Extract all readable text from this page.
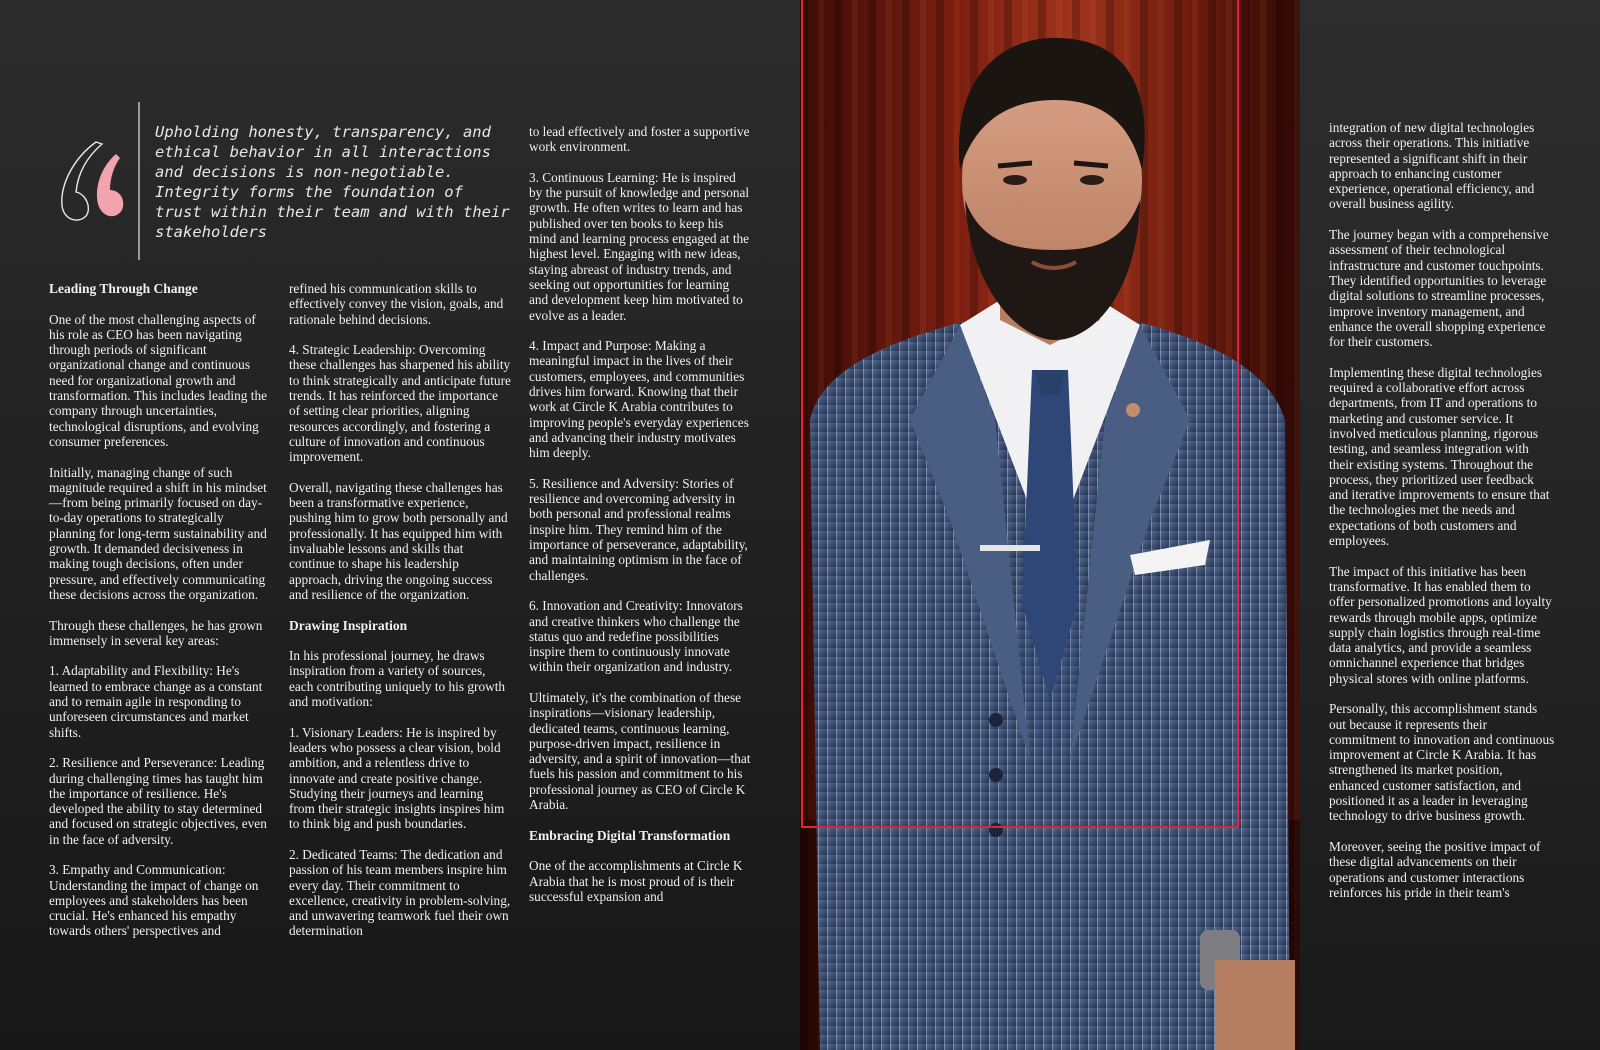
Upholding honesty, transparency, and ethical behavior in all interactions and decisions is non-negotiable. Integrity forms the foundation of trust within their team and with their stakeholders

Leading Through Change

One of the most challenging aspects of his role as CEO has been navigating through periods of significant organizational change and continuous need for organizational growth and transformation. This includes leading the company through uncertainties, technological disruptions, and evolving consumer preferences.

Initially, managing change of such magnitude required a shift in his mindset—from being primarily focused on day-to-day operations to strategically planning for long-term sustainability and growth. It demanded decisiveness in making tough decisions, often under pressure, and effectively communicating these decisions across the organization.

Through these challenges, he has grown immensely in several key areas:

1. Adaptability and Flexibility: He's learned to embrace change as a constant and to remain agile in responding to unforeseen circumstances and market shifts.

2. Resilience and Perseverance: Leading during challenging times has taught him the importance of resilience. He's developed the ability to stay determined and focused on strategic objectives, even in the face of adversity.

3. Empathy and Communication: Understanding the impact of change on employees and stakeholders has been crucial. He's enhanced his empathy towards others' perspectives and

refined his communication skills to effectively convey the vision, goals, and rationale behind decisions.

4. Strategic Leadership: Overcoming these challenges has sharpened his ability to think strategically and anticipate future trends. It has reinforced the importance of setting clear priorities, aligning resources accordingly, and fostering a culture of innovation and continuous improvement.

Overall, navigating these challenges has been a transformative experience, pushing him to grow both personally and professionally. It has equipped him with invaluable lessons and skills that continue to shape his leadership approach, driving the ongoing success and resilience of the organization.

Drawing Inspiration

In his professional journey, he draws inspiration from a variety of sources, each contributing uniquely to his growth and motivation:

1. Visionary Leaders: He is inspired by leaders who possess a clear vision, bold ambition, and a relentless drive to innovate and create positive change. Studying their journeys and learning from their strategic insights inspires him to think big and push boundaries.

2. Dedicated Teams: The dedication and passion of his team members inspire him every day. Their commitment to excellence, creativity in problem-solving, and unwavering teamwork fuel their own determination

to lead effectively and foster a supportive work environment.

3. Continuous Learning: He is inspired by the pursuit of knowledge and personal growth. He often writes to learn and has published over ten books to keep his mind and learning process engaged at the highest level. Engaging with new ideas, staying abreast of industry trends, and seeking out opportunities for learning and development keep him motivated to evolve as a leader.

4. Impact and Purpose: Making a meaningful impact in the lives of their customers, employees, and communities drives him forward. Knowing that their work at Circle K Arabia contributes to improving people's everyday experiences and advancing their industry motivates him deeply.

5. Resilience and Adversity: Stories of resilience and overcoming adversity in both personal and professional realms inspire him. They remind him of the importance of perseverance, adaptability, and maintaining optimism in the face of challenges.

6. Innovation and Creativity: Innovators and creative thinkers who challenge the status quo and redefine possibilities inspire them to continuously innovate within their organization and industry.

Ultimately, it's the combination of these inspirations—visionary leadership, dedicated teams, continuous learning, purpose-driven impact, resilience in adversity, and a spirit of innovation—that fuels his passion and commitment to his professional journey as CEO of Circle K Arabia.

Embracing Digital Transformation

One of the accomplishments at Circle K Arabia that he is most proud of is their successful expansion and

integration of new digital technologies across their operations. This initiative represented a significant shift in their approach to enhancing customer experience, operational efficiency, and overall business agility.

The journey began with a comprehensive assessment of their technological infrastructure and customer touchpoints. They identified opportunities to leverage digital solutions to streamline processes, improve inventory management, and enhance the overall shopping experience for their customers.

Implementing these digital technologies required a collaborative effort across departments, from IT and operations to marketing and customer service. It involved meticulous planning, rigorous testing, and seamless integration with their existing systems. Throughout the process, they prioritized user feedback and iterative improvements to ensure that the technologies met the needs and expectations of both customers and employees.

The impact of this initiative has been transformative. It has enabled them to offer personalized promotions and loyalty rewards through mobile apps, optimize supply chain logistics through real-time data analytics, and provide a seamless omnichannel experience that bridges physical stores with online platforms.

Personally, this accomplishment stands out because it represents their commitment to innovation and continuous improvement at Circle K Arabia. It has strengthened its market position, enhanced customer satisfaction, and positioned it as a leader in leveraging technology to drive business growth.

Moreover, seeing the positive impact of these digital advancements on their operations and customer interactions reinforces his pride in their team's
